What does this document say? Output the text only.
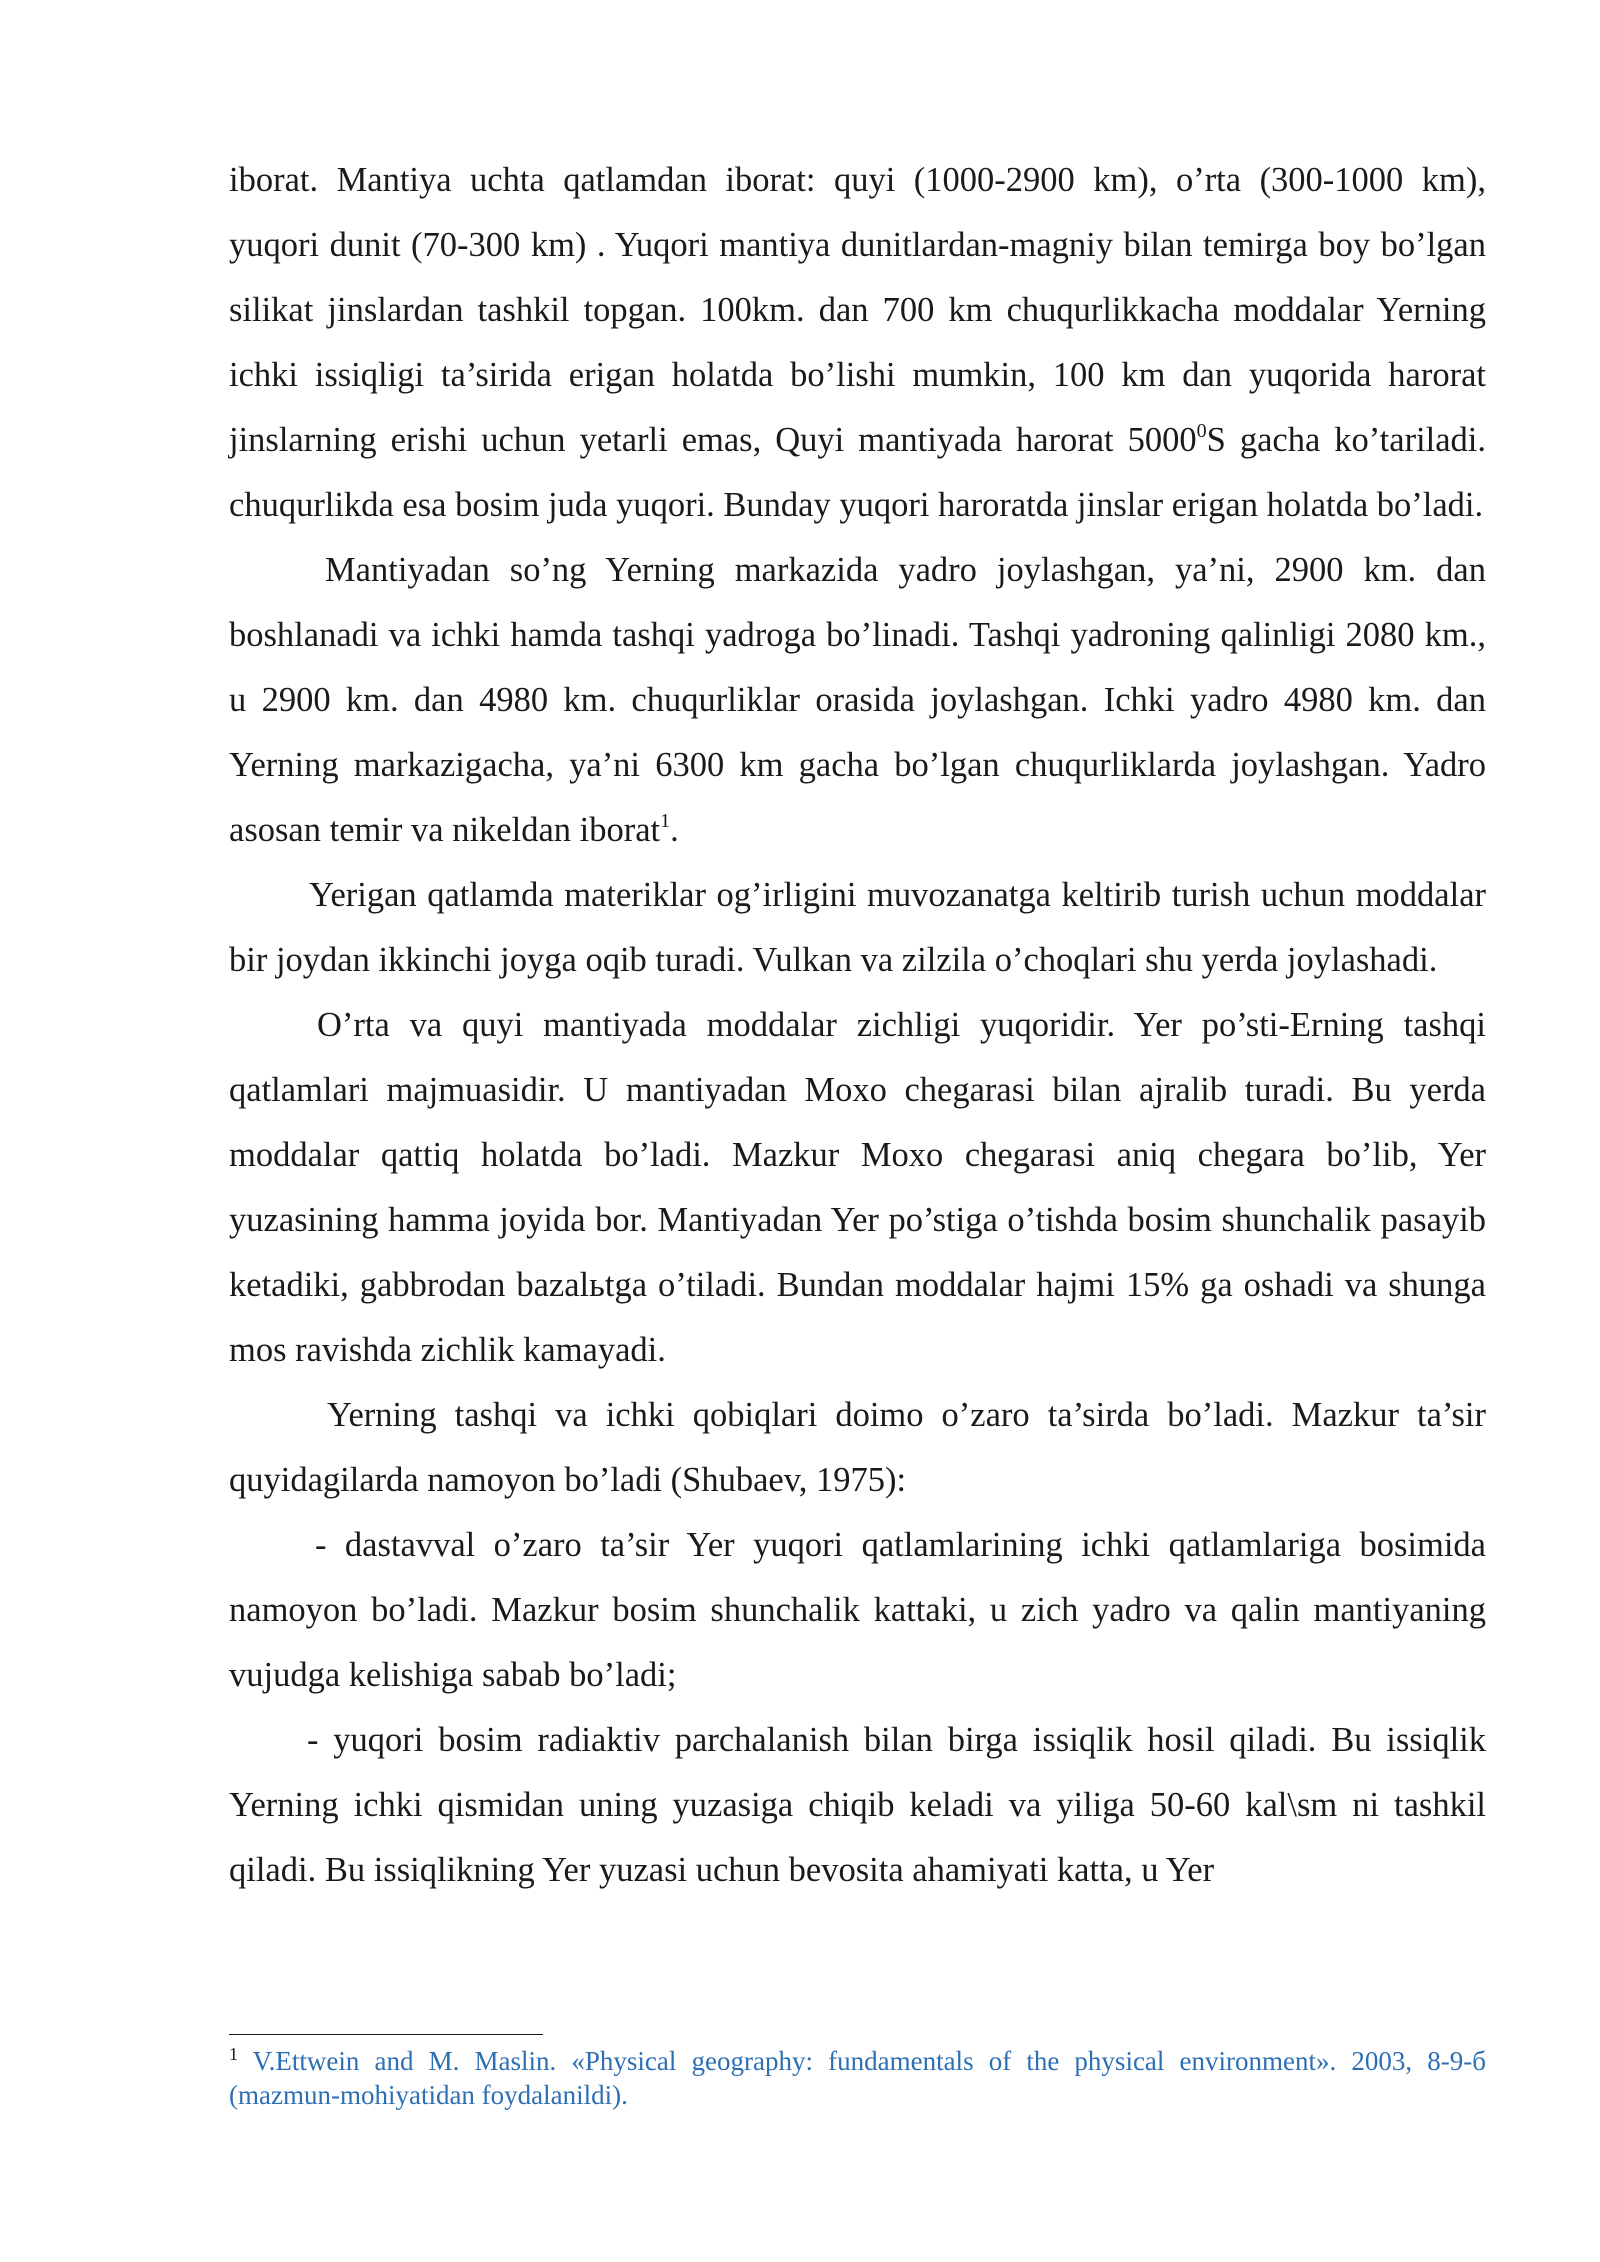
iborat. Mantiya uchta qatlamdan iborat: quyi (1000-2900 km), o’rta (300-1000 km), yuqori dunit (70-300 km) . Yuqori mantiya dunitlardan-magniy bilan temirga boy bo’lgan silikat jinslardan tashkil topgan. 100km. dan 700 km chuqurlikkacha moddalar Yerning ichki issiqligi ta’sirida erigan holatda bo’lishi mumkin, 100 km dan yuqorida harorat jinslarning erishi uchun yetarli emas, Quyi mantiyada harorat 5000$^0$S gacha ko’tariladi. chuqurlikda esa bosim juda yuqori. Bunday yuqori haroratda jinslar erigan holatda bo’ladi.

Mantiyadan so’ng Yerning markazida yadro joylashgan, ya’ni, 2900 km. dan boshlanadi va ichki hamda tashqi yadroga bo’linadi. Tashqi yadroning qalinligi 2080 km., u 2900 km. dan 4980 km. chuqurliklar orasida joylashgan. Ichki yadro 4980 km. dan Yerning markazigacha, ya’ni 6300 km gacha bo’lgan chuqurliklarda joylashgan. Yadro asosan temir va nikeldan iborat$^1$.

Yerigan qatlamda materiklar og’irligini muvozanatga keltirib turish uchun moddalar bir joydan ikkinchi joyga oqib turadi. Vulkan va zilzila o’choqlari shu yerda joylashadi.

O’rta va quyi mantiyada moddalar zichligi yuqoridir. Yer po’sti-Erning tashqi qatlamlari majmuasidir. U mantiyadan Moxo chegarasi bilan ajralib turadi. Bu yerda moddalar qattiq holatda bo’ladi. Mazkur Moxo chegarasi aniq chegara bo’lib, Yer yuzasining hamma joyida bor. Mantiyadan Yer po’stiga o’tishda bosim shunchalik pasayib ketadiki, gabbrodan bazalьtga o’tiladi. Bundan moddalar hajmi 15% ga oshadi va shunga mos ravishda zichlik kamayadi.

Yerning tashqi va ichki qobiqlari doimo o’zaro ta’sirda bo’ladi. Mazkur ta’sir quyidagilarda namoyon bo’ladi (Shubaev, 1975):

- dastavval o’zaro ta’sir Yer yuqori qatlamlarining ichki qatlamlariga bosimida namoyon bo’ladi. Mazkur bosim shunchalik kattaki, u zich yadro va qalin mantiyaning vujudga kelishiga sabab bo’ladi;

- yuqori bosim radiaktiv parchalanish bilan birga issiqlik hosil qiladi. Bu issiqlik Yerning ichki qismidan uning yuzasiga chiqib keladi va yiliga 50-60 kal\sm ni tashkil qiladi. Bu issiqlikning Yer yuzasi uchun bevosita ahamiyati katta, u Yer

$^1$ V.Ettwein and M. Maslin. «Physical geography: fundamentals of the physical environment». 2003, 8-9-б (mazmun-mohiyatidan foydalanildi).
